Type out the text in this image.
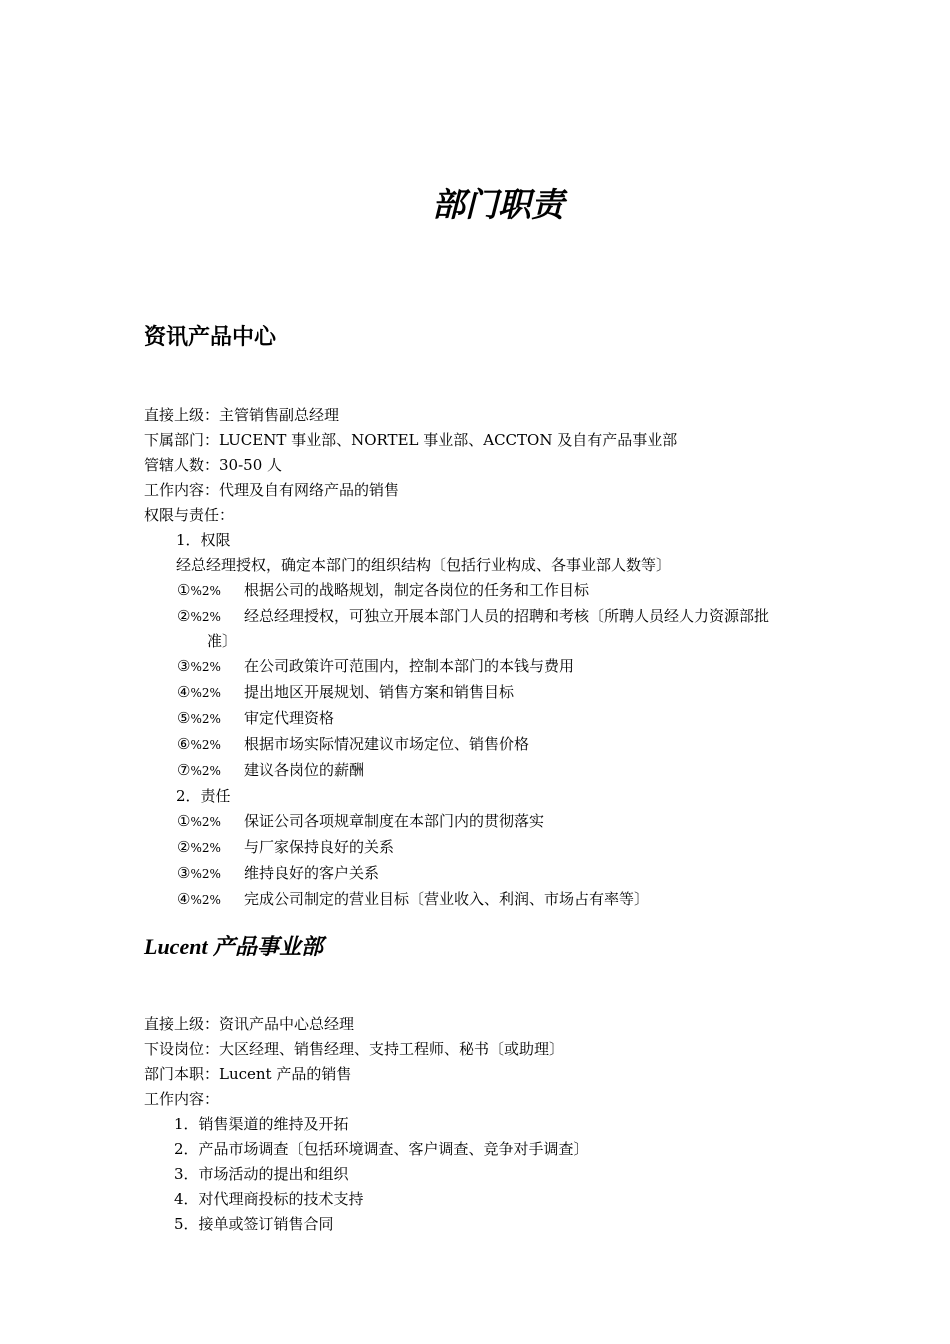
部门职责
资讯产品中心
直接上级：主管销售副总经理
下属部门：LUCENT 事业部、NORTEL 事业部、ACCTON 及自有产品事业部
管辖人数：30-50 人
工作内容：代理及自有网络产品的销售
权限与责任：
1．权限
经总经理授权，确定本部门的组织结构〔包括行业构成、各事业部人数等〕
①%2%	根据公司的战略规划，制定各岗位的任务和工作目标
②%2%	经总经理授权，可独立开展本部门人员的招聘和考核〔所聘人员经人力资源部批
准〕
③%2%	在公司政策许可范围内，控制本部门的本钱与费用
④%2%	提出地区开展规划、销售方案和销售目标
⑤%2%	审定代理资格
⑥%2%	根据市场实际情况建议市场定位、销售价格
⑦%2%	建议各岗位的薪酬
2．责任
①%2%	保证公司各项规章制度在本部门内的贯彻落实
②%2%	与厂家保持良好的关系
③%2%	维持良好的客户关系
④%2%	完成公司制定的营业目标〔营业收入、利润、市场占有率等〕
Lucent 产品事业部
直接上级：资讯产品中心总经理
下设岗位：大区经理、销售经理、支持工程师、秘书〔或助理〕
部门本职：Lucent 产品的销售
工作内容：
1．销售渠道的维持及开拓
2．产品市场调查〔包括环境调查、客户调查、竞争对手调查〕
3．市场活动的提出和组织
4．对代理商投标的技术支持
5．接单或签订销售合同
